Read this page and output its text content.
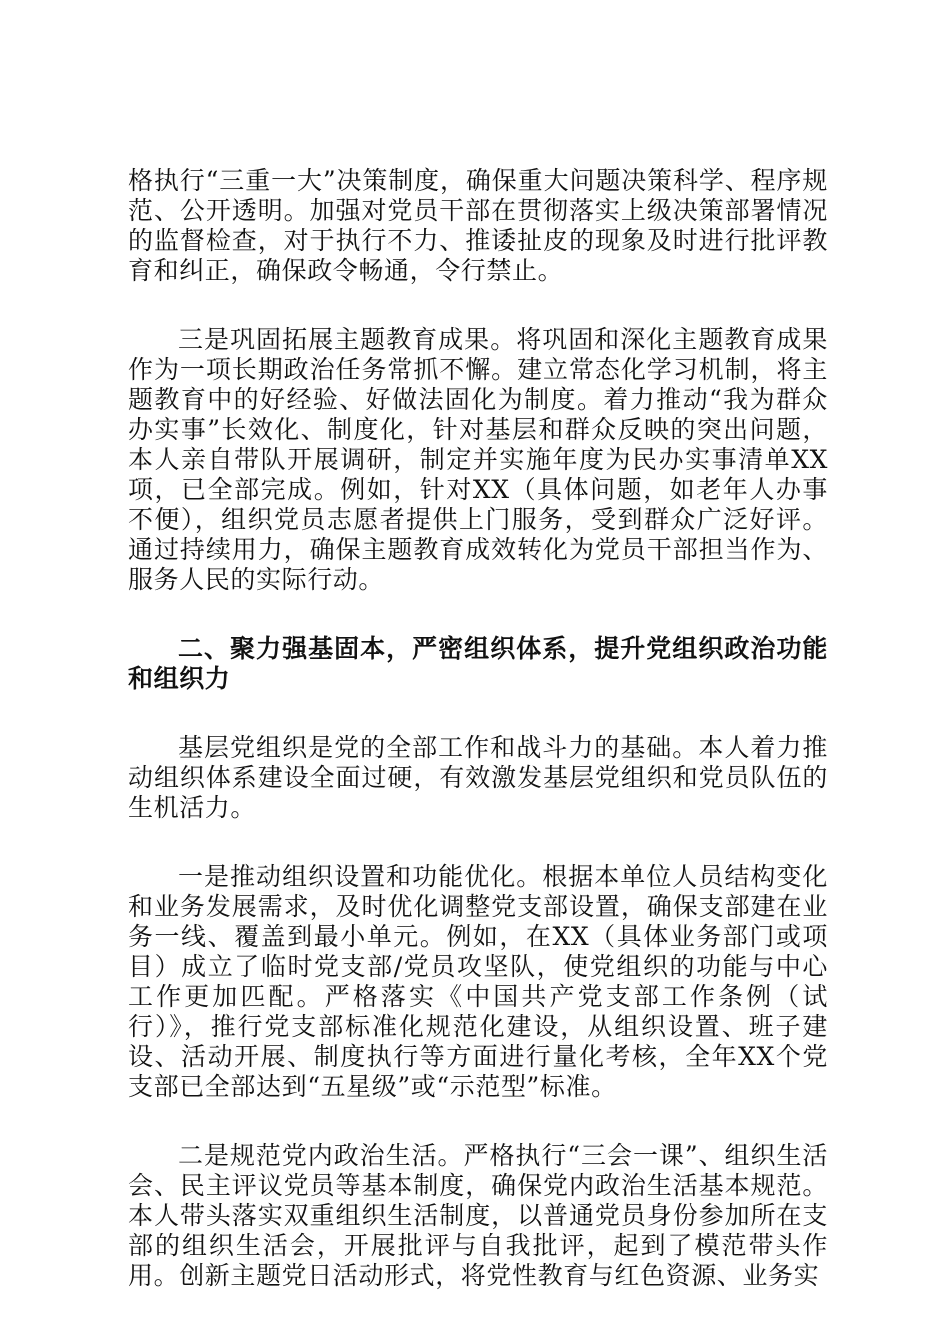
格执行“三重一大”决策制度，确保重大问题决策科学、程序规范、公开透明。加强对党员干部在贯彻落实上级决策部署情况的监督检查，对于执行不力、推诿扯皮的现象及时进行批评教育和纠正，确保政令畅通，令行禁止。

三是巩固拓展主题教育成果。将巩固和深化主题教育成果作为一项长期政治任务常抓不懈。建立常态化学习机制，将主题教育中的好经验、好做法固化为制度。着力推动“我为群众办实事”长效化、制度化，针对基层和群众反映的突出问题，本人亲自带队开展调研，制定并实施年度为民办实事清单XX项，已全部完成。例如，针对XX（具体问题，如老年人办事不便），组织党员志愿者提供上门服务，受到群众广泛好评。通过持续用力，确保主题教育成效转化为党员干部担当作为、服务人民的实际行动。

二、聚力强基固本，严密组织体系，提升党组织政治功能和组织力

基层党组织是党的全部工作和战斗力的基础。本人着力推动组织体系建设全面过硬，有效激发基层党组织和党员队伍的生机活力。

一是推动组织设置和功能优化。根据本单位人员结构变化和业务发展需求，及时优化调整党支部设置，确保支部建在业务一线、覆盖到最小单元。例如，在XX（具体业务部门或项目）成立了临时党支部/党员攻坚队，使党组织的功能与中心工作更加匹配。严格落实《中国共产党支部工作条例（试行）》，推行党支部标准化规范化建设，从组织设置、班子建设、活动开展、制度执行等方面进行量化考核，全年XX个党支部已全部达到“五星级”或“示范型”标准。

二是规范党内政治生活。严格执行“三会一课”、组织生活会、民主评议党员等基本制度，确保党内政治生活基本规范。本人带头落实双重组织生活制度，以普通党员身份参加所在支部的组织生活会，开展批评与自我批评，起到了模范带头作用。创新主题党日活动形式，将党性教育与红色资源、业务实
